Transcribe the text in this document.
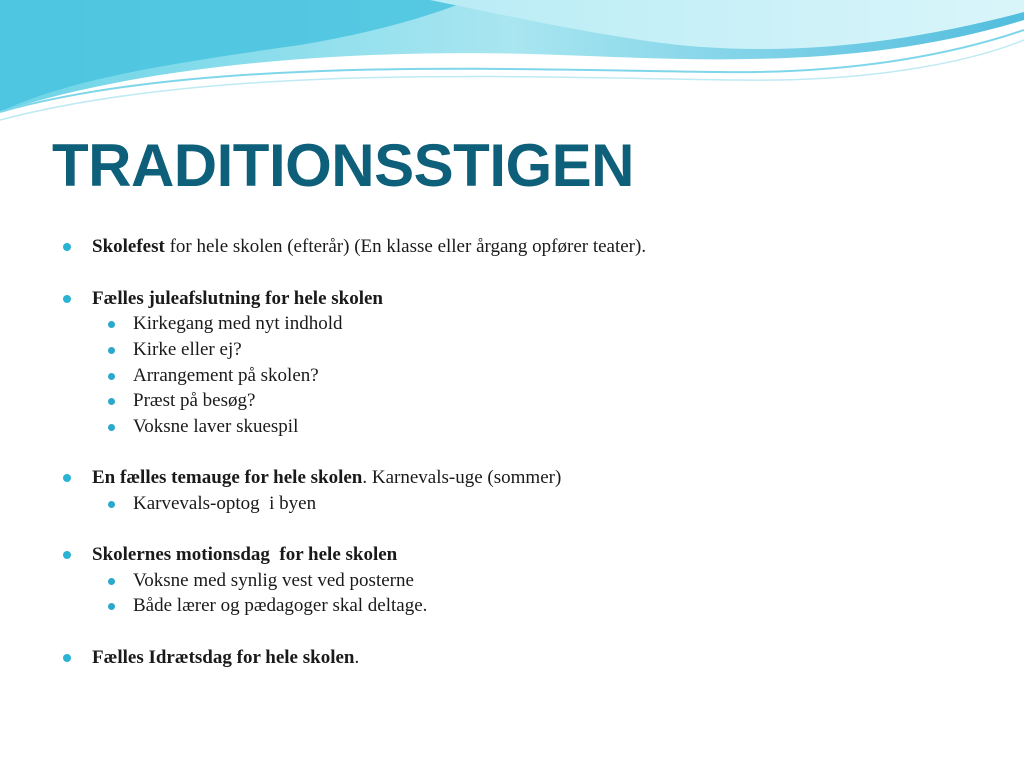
TRADITIONSSTIGEN
Skolefest for hele skolen (efterår) (En klasse eller årgang opfører teater).
Fælles juleafslutning for hele skolen
Kirkegang med nyt indhold
Kirke eller ej?
Arrangement på skolen?
Præst på besøg?
Voksne laver skuespil
En fælles temauge for hele skolen. Karnevals-uge (sommer)
Karvevals-optog  i byen
Skolernes motionsdag  for hele skolen
Voksne med synlig vest ved posterne
Både lærer og pædagoger skal deltage.
Fælles Idrætsdag for hele skolen.
